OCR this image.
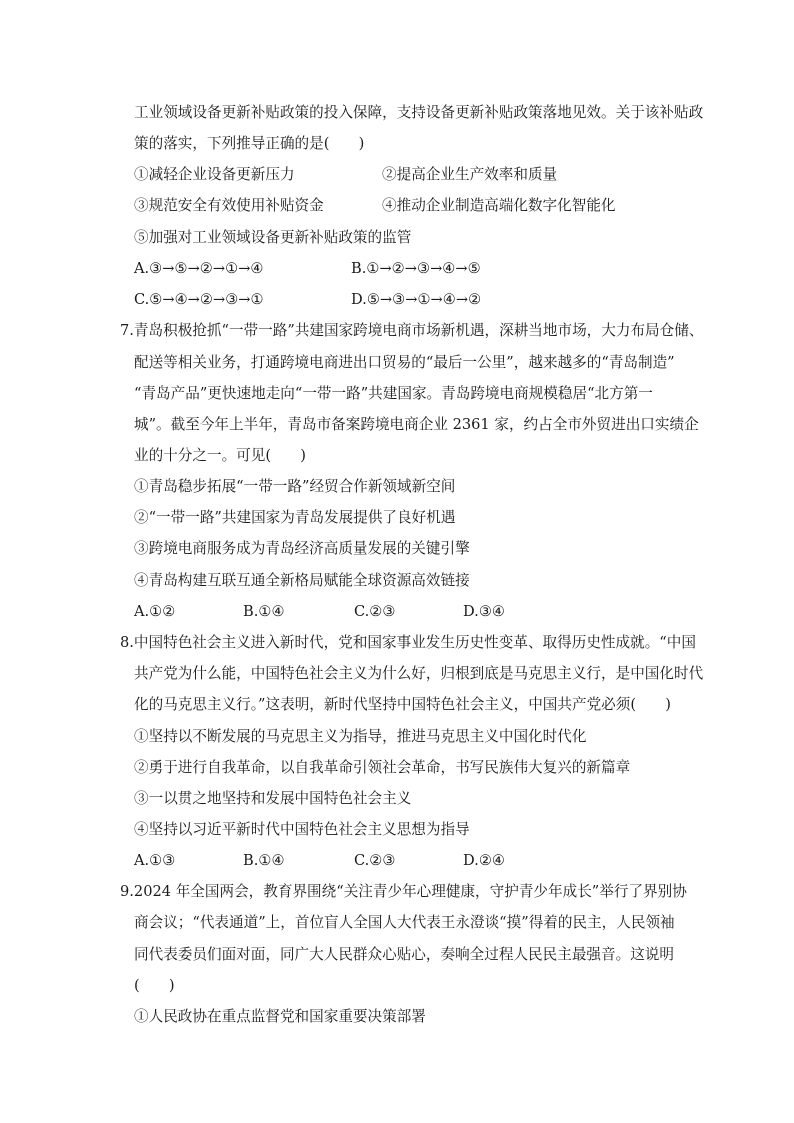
工业领域设备更新补贴政策的投入保障，支持设备更新补贴政策落地见效。关于该补贴政
策的落实，下列推导正确的是(　　)
①减轻企业设备更新压力	②提高企业生产效率和质量
③规范安全有效使用补贴资金	④推动企业制造高端化数字化智能化
⑤加强对工业领域设备更新补贴政策的监管
A.③→⑤→②→①→④	B.①→②→③→④→⑤
C.⑤→④→②→③→①	D.⑤→③→①→④→②
7.青岛积极抢抓“一带一路”共建国家跨境电商市场新机遇，深耕当地市场，大力布局仓储、
配送等相关业务，打通跨境电商进出口贸易的“最后一公里”，越来越多的“青岛制造”
“青岛产品”更快速地走向“一带一路”共建国家。青岛跨境电商规模稳居“北方第一
城”。截至今年上半年，青岛市备案跨境电商企业 2361 家，约占全市外贸进出口实绩企
业的十分之一。可见(　　)
①青岛稳步拓展“一带一路”经贸合作新领域新空间
②“一带一路”共建国家为青岛发展提供了良好机遇
③跨境电商服务成为青岛经济高质量发展的关键引擎
④青岛构建互联互通全新格局赋能全球资源高效链接
A.①②	B.①④	C.②③	D.③④
8.中国特色社会主义进入新时代，党和国家事业发生历史性变革、取得历史性成就。“中国
共产党为什么能，中国特色社会主义为什么好，归根到底是马克思主义行，是中国化时代
化的马克思主义行。”这表明，新时代坚持中国特色社会主义，中国共产党必须(　　)
①坚持以不断发展的马克思主义为指导，推进马克思主义中国化时代化
②勇于进行自我革命，以自我革命引领社会革命，书写民族伟大复兴的新篇章
③一以贯之地坚持和发展中国特色社会主义
④坚持以习近平新时代中国特色社会主义思想为指导
A.①③	B.①④	C.②③	D.②④
9.2024 年全国两会，教育界围绕“关注青少年心理健康，守护青少年成长”举行了界别协
商会议；“代表通道”上，首位盲人全国人大代表王永澄谈“摸”得着的民主，人民领袖
同代表委员们面对面，同广大人民群众心贴心，奏响全过程人民民主最强音。这说明
(　　)
①人民政协在重点监督党和国家重要决策部署
